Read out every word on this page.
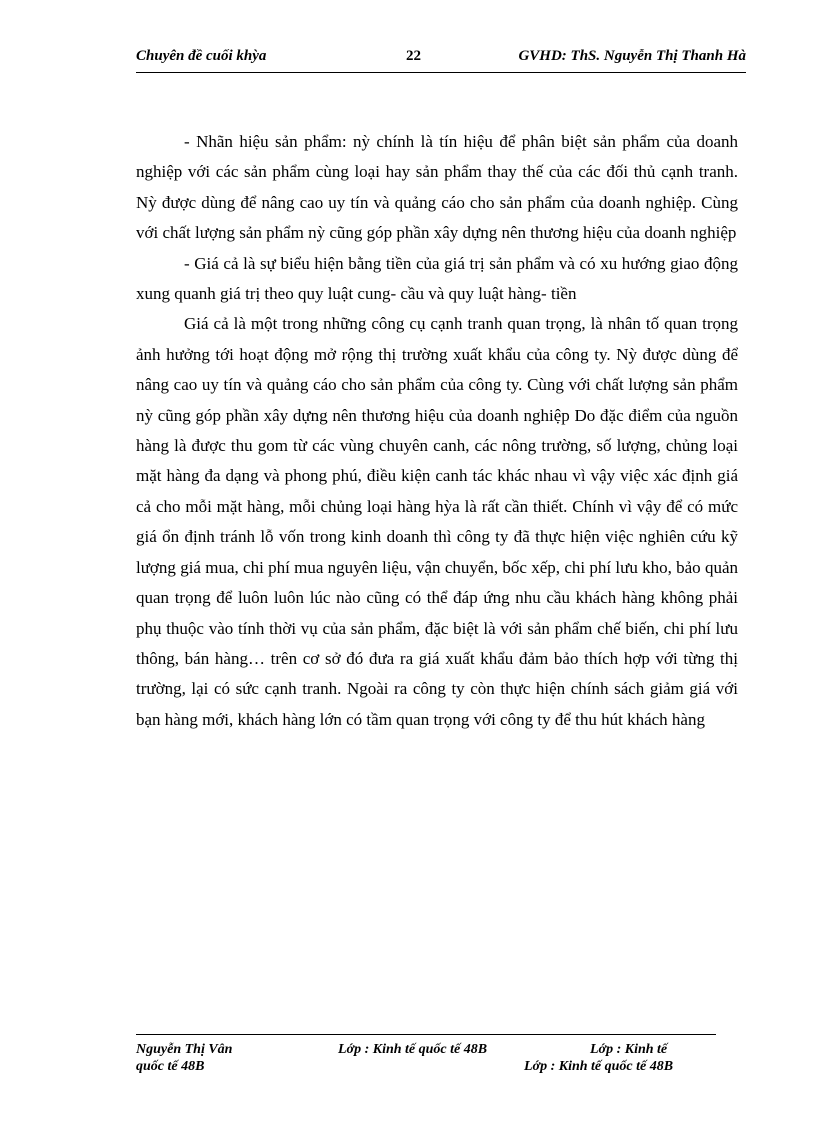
Chuyên đề cuối khỳa	22	GVHD: ThS. Nguyễn Thị Thanh Hà

- Nhãn hiệu sản phẩm: nỳ chính là tín hiệu để phân biệt sản phẩm của doanh nghiệp với các sản phẩm cùng loại hay sản phẩm thay thế của các đối thủ cạnh tranh. Nỳ được dùng để nâng cao uy tín và quảng cáo cho sản phẩm của doanh nghiệp. Cùng với chất lượng sản phẩm nỳ cũng góp phần xây dựng nên thương hiệu của doanh nghiệp

- Giá cả là sự biểu hiện bằng tiền của giá trị sản phẩm và có xu hướng giao động xung quanh giá trị theo quy luật cung- cầu và quy luật hàng- tiền

Giá cả là một trong những công cụ cạnh tranh quan trọng, là nhân tố quan trọng ảnh hưởng tới hoạt động mở rộng thị trường xuất khẩu của công ty. Nỳ được dùng để nâng cao uy tín và quảng cáo cho sản phẩm của công ty. Cùng với chất lượng sản phẩm nỳ cũng góp phần xây dựng nên thương hiệu của doanh nghiệp Do đặc điểm của nguồn hàng là được thu gom từ các vùng chuyên canh, các nông trường, số lượng, chủng loại mặt hàng đa dạng và phong phú, điều kiện canh tác khác nhau vì vậy việc xác định giá cả cho mỗi mặt hàng, mỗi chủng loại hàng hỳa là rất cần thiết. Chính vì vậy để có mức giá ổn định tránh lỗ vốn trong kinh doanh thì công ty đã thực hiện việc nghiên cứu kỹ lượng giá mua, chi phí mua nguyên liệu, vận chuyển, bốc xếp, chi phí lưu kho, bảo quản quan trọng để luôn luôn lúc nào cũng có thể đáp ứng nhu cầu khách hàng không phải phụ thuộc vào tính thời vụ của sản phẩm, đặc biệt là với sản phẩm chế biến, chi phí lưu thông, bán hàng… trên cơ sở đó đưa ra giá xuất khẩu đảm bảo thích hợp với từng thị trường, lại có sức cạnh tranh. Ngoài ra công ty còn thực hiện chính sách giảm giá với bạn hàng mới, khách hàng lớn có tầm quan trọng với công ty để thu hút khách hàng

Nguyễn Thị Vân	Lớp : Kinh tế quốc tế 48B	Lớp : Kinh tế
quốc tế 48B	Lớp : Kinh tế quốc tế 48B
